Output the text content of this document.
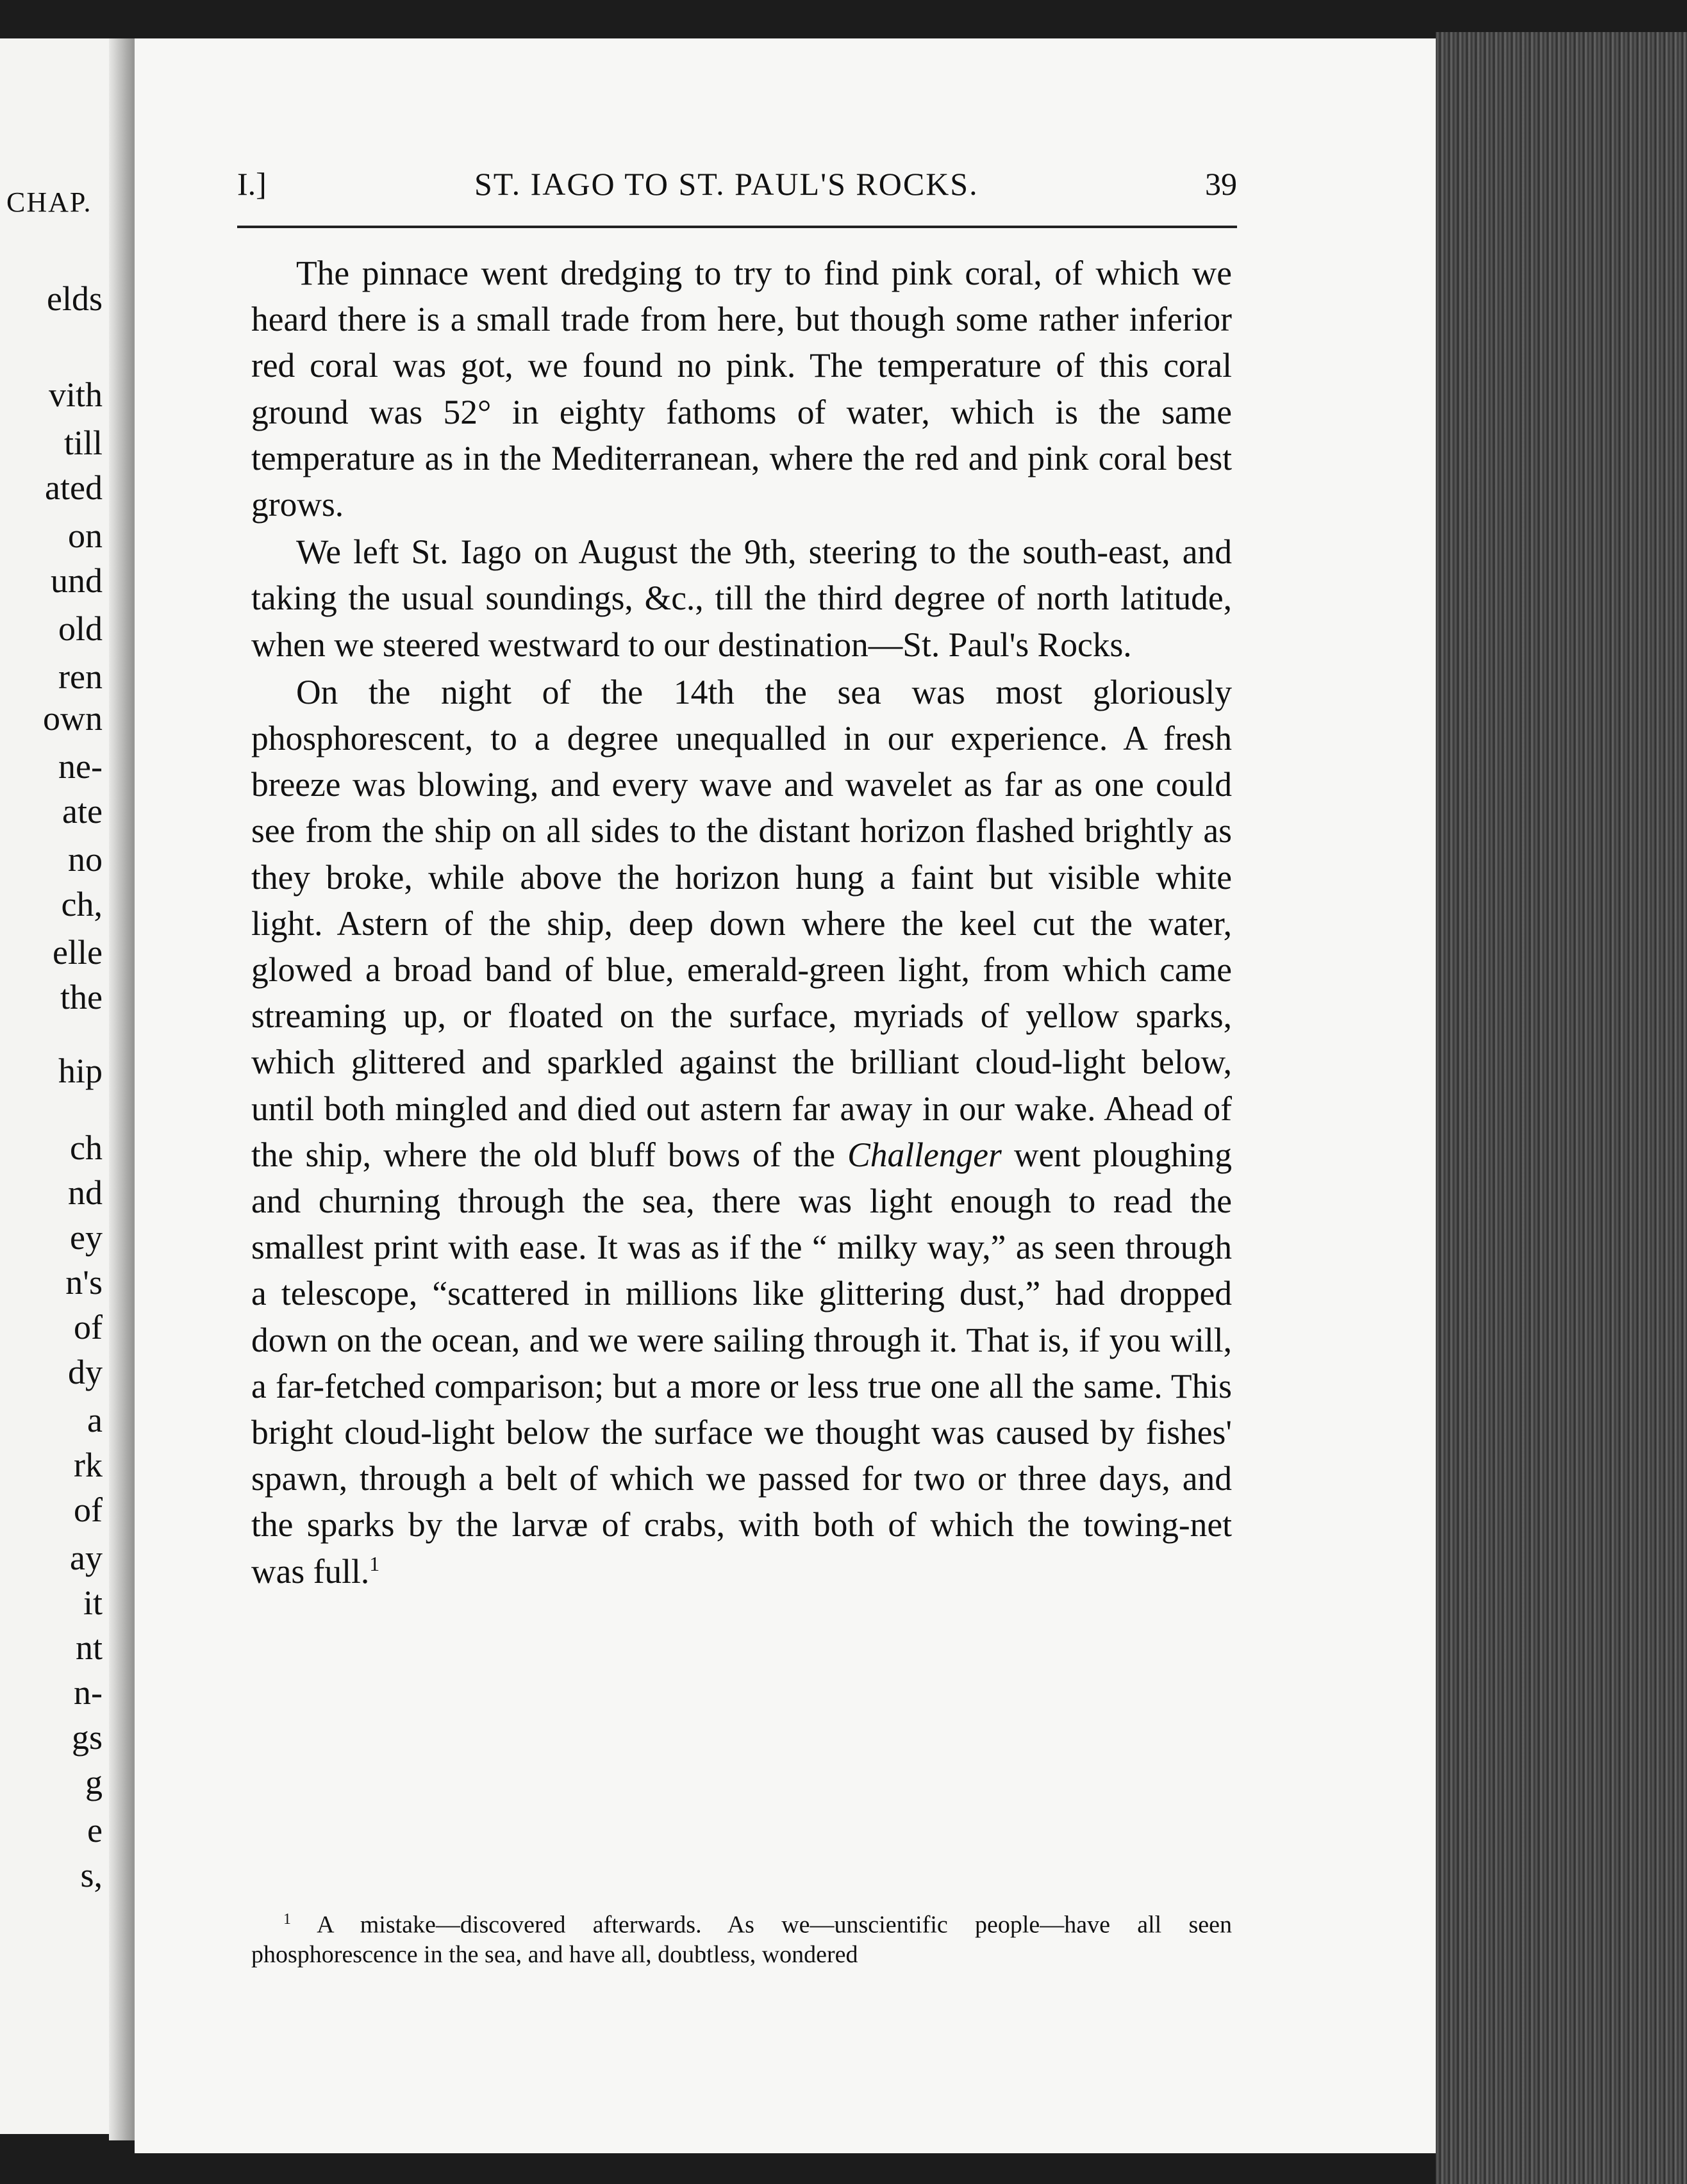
CHAP.
elds
vith
till
ated
on
und
old
ren
own
ne-
ate
no
ch,
elle
the
hip
ch
nd
ey
n's
of
dy
a
rk
of
ay
it
nt
n-
gs
g
e
s,
I.]	ST. IAGO TO ST. PAUL'S ROCKS.	39

The pinnace went dredging to try to find pink coral, of which we heard there is a small trade from here, but though some rather inferior red coral was got, we found no pink. The temperature of this coral ground was 52° in eighty fathoms of water, which is the same temperature as in the Mediterranean, where the red and pink coral best grows.

We left St. Iago on August the 9th, steering to the south-east, and taking the usual soundings, &c., till the third degree of north latitude, when we steered westward to our destination—St. Paul's Rocks.

On the night of the 14th the sea was most gloriously phosphorescent, to a degree unequalled in our experience. A fresh breeze was blowing, and every wave and wavelet as far as one could see from the ship on all sides to the distant horizon flashed brightly as they broke, while above the horizon hung a faint but visible white light. Astern of the ship, deep down where the keel cut the water, glowed a broad band of blue, emerald-green light, from which came streaming up, or floated on the surface, myriads of yellow sparks, which glittered and sparkled against the brilliant cloud-light below, until both mingled and died out astern far away in our wake. Ahead of the ship, where the old bluff bows of the Challenger went ploughing and churning through the sea, there was light enough to read the smallest print with ease. It was as if the “ milky way,” as seen through a telescope, “scattered in millions like glittering dust,” had dropped down on the ocean, and we were sailing through it. That is, if you will, a far-fetched comparison; but a more or less true one all the same. This bright cloud-light below the surface we thought was caused by fishes' spawn, through a belt of which we passed for two or three days, and the sparks by the larvæ of crabs, with both of which the towing-net was full.$^1$

$^1$ A mistake—discovered afterwards. As we—unscientific people—have all seen phosphorescence in the sea, and have all, doubtless, wondered
